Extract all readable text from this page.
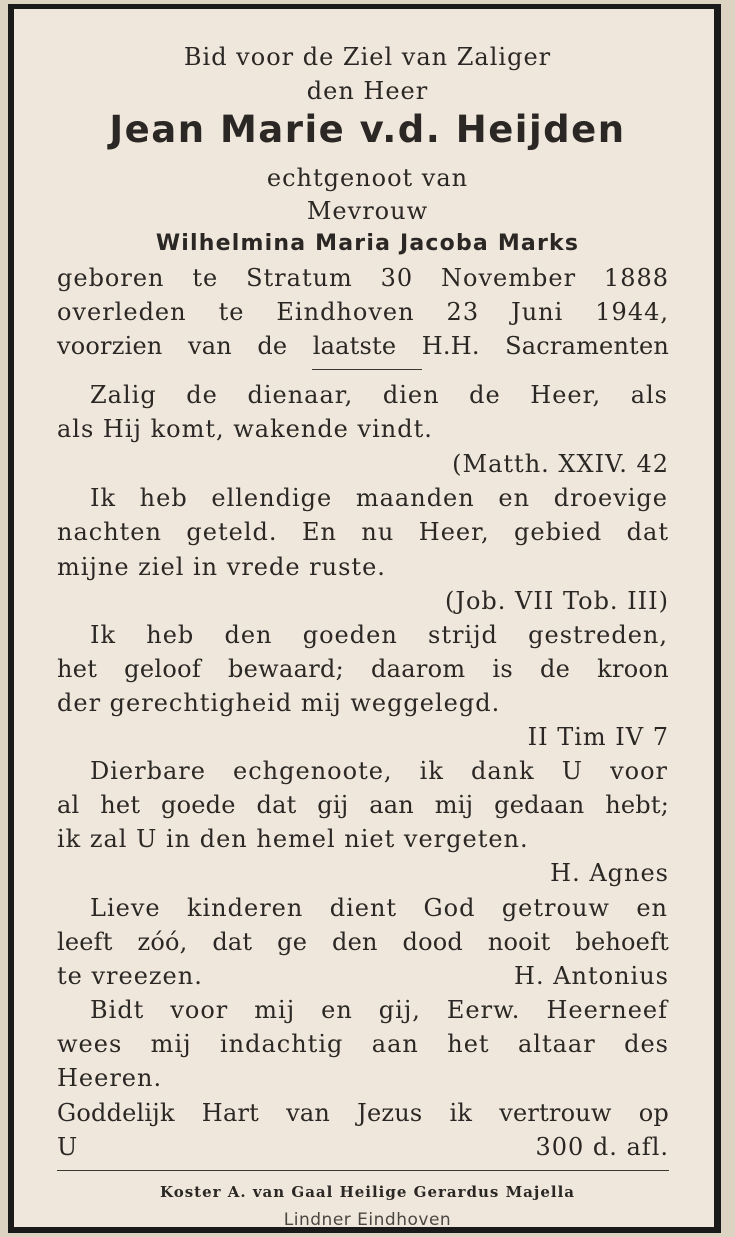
Bid voor de Ziel van Zaliger
den Heer
Jean Marie v.d. Heijden
echtgenoot van
Mevrouw
Wilhelmina Maria Jacoba Marks
geboren te Stratum 30 November 1888
overleden te Eindhoven 23 Juni 1944,
voorzien van de laatste H.H. Sacramenten
Zalig de dienaar, dien de Heer, als
als Hij komt, wakende vindt.
(Matth. XXIV. 42
Ik heb ellendige maanden en droevige
nachten geteld. En nu Heer, gebied dat
mijne ziel in vrede ruste.
(Job. VII Tob. III)
Ik heb den goeden strijd gestreden,
het geloof bewaard; daarom is de kroon
der gerechtigheid mij weggelegd.
II Tim IV 7
Dierbare echgenoote, ik dank U voor
al het goede dat gij aan mij gedaan hebt;
ik zal U in den hemel niet vergeten.
H. Agnes
Lieve kinderen dient God getrouw en
leeft zóó, dat ge den dood nooit behoeft
te vreezen.	H. Antonius
Bidt voor mij en gij, Eerw. Heerneef
wees mij indachtig aan het altaar des
Heeren.
Goddelijk Hart van Jezus ik vertrouw op
U	300 d. afl.
Koster A. van Gaal Heilige Gerardus Majella
Lindner Eindhoven
